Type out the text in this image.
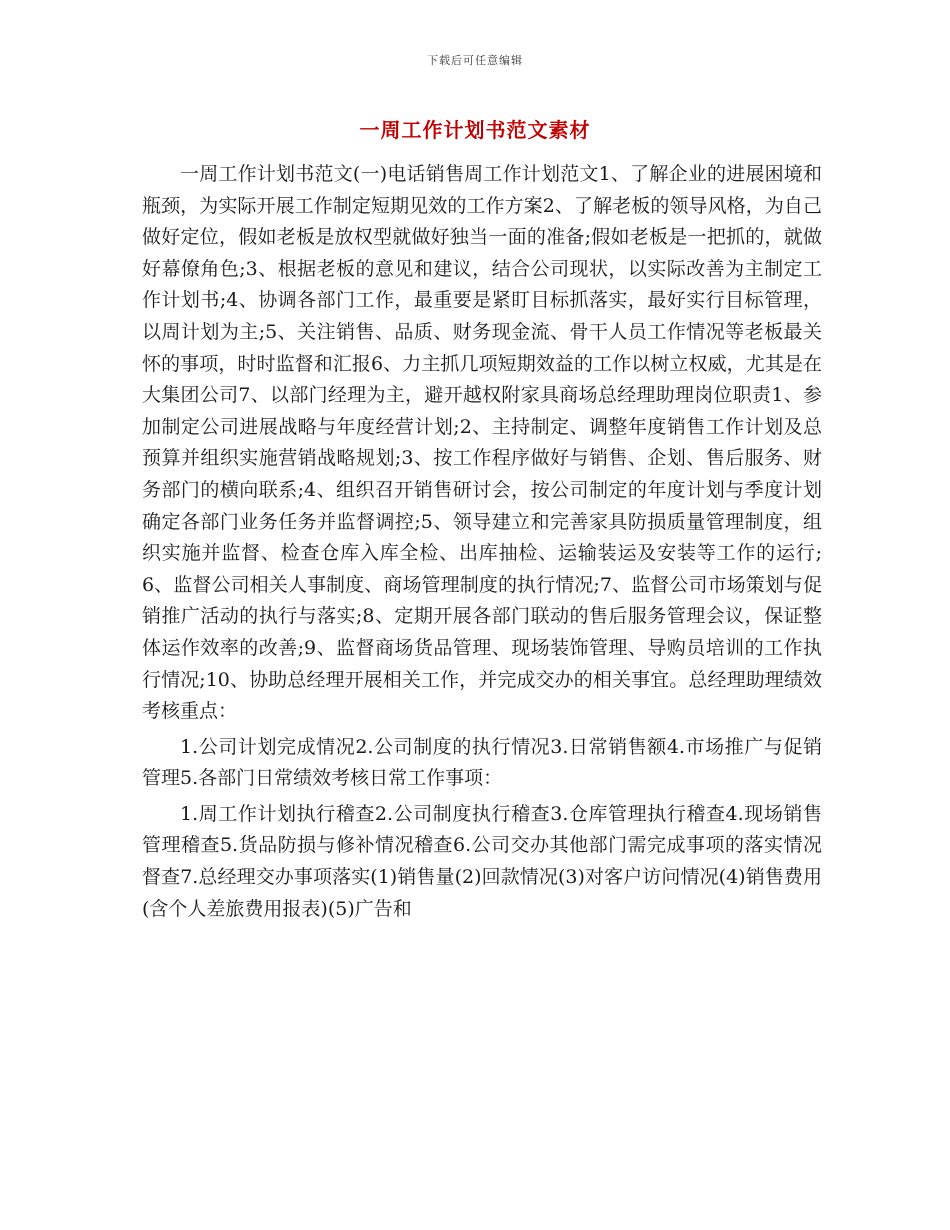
下载后可任意编辑
一周工作计划书范文素材

一周工作计划书范文(一)电话销售周工作计划范文1、了解企业的进展困境和瓶颈，为实际开展工作制定短期见效的工作方案2、了解老板的领导风格，为自己做好定位，假如老板是放权型就做好独当一面的准备;假如老板是一把抓的，就做好幕僚角色;3、根据老板的意见和建议，结合公司现状，以实际改善为主制定工作计划书;4、协调各部门工作，最重要是紧盯目标抓落实，最好实行目标管理，以周计划为主;5、关注销售、品质、财务现金流、骨干人员工作情况等老板最关怀的事项，时时监督和汇报6、力主抓几项短期效益的工作以树立权威，尤其是在大集团公司7、以部门经理为主，避开越权附家具商场总经理助理岗位职责1、参加制定公司进展战略与年度经营计划;2、主持制定、调整年度销售工作计划及总预算并组织实施营销战略规划;3、按工作程序做好与销售、企划、售后服务、财务部门的横向联系;4、组织召开销售研讨会，按公司制定的年度计划与季度计划确定各部门业务任务并监督调控;5、领导建立和完善家具防损质量管理制度，组织实施并监督、检查仓库入库全检、出库抽检、运输装运及安装等工作的运行;6、监督公司相关人事制度、商场管理制度的执行情况;7、监督公司市场策划与促销推广活动的执行与落实;8、定期开展各部门联动的售后服务管理会议，保证整体运作效率的改善;9、监督商场货品管理、现场装饰管理、导购员培训的工作执行情况;10、协助总经理开展相关工作，并完成交办的相关事宜。总经理助理绩效考核重点：

1.公司计划完成情况2.公司制度的执行情况3.日常销售额4.市场推广与促销管理5.各部门日常绩效考核日常工作事项：

1.周工作计划执行稽查2.公司制度执行稽查3.仓库管理执行稽查4.现场销售管理稽查5.货品防损与修补情况稽查6.公司交办其他部门需完成事项的落实情况督查7.总经理交办事项落实(1)销售量(2)回款情况(3)对客户访问情况(4)销售费用(含个人差旅费用报表)(5)广告和
